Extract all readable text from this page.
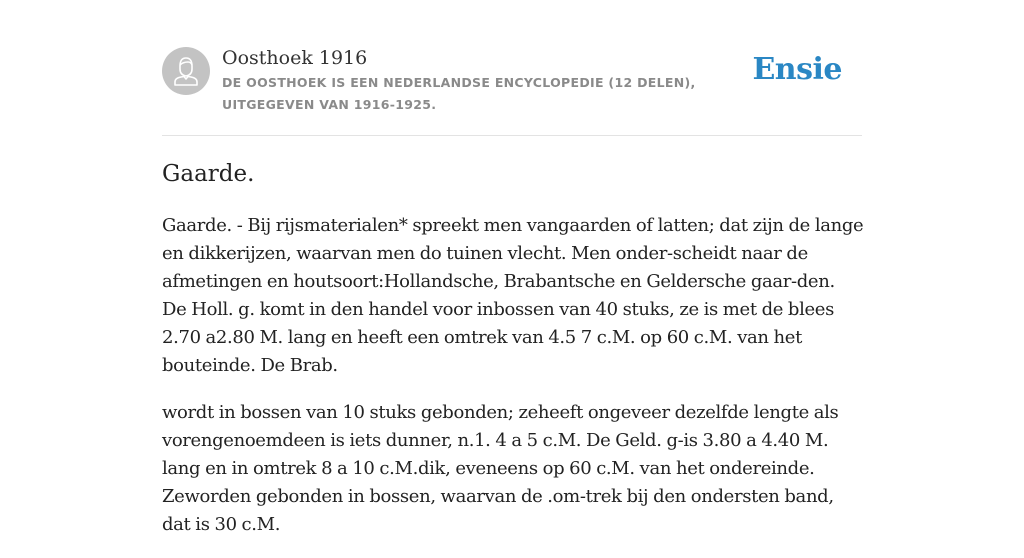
Oosthoek 1916
DE OOSTHOEK IS EEN NEDERLANDSE ENCYCLOPEDIE (12 DELEN), UITGEGEVEN VAN 1916-1925.
Ensie
Gaarde.

Gaarde. - Bij rijsmaterialen* spreekt men vangaarden of latten; dat zijn de lange en dikkerijzen, waarvan men do tuinen vlecht. Men onder-scheidt naar de afmetingen en houtsoort:Hollandsche, Brabantsche en Geldersche gaar-den. De Holl. g. komt in den handel voor inbossen van 40 stuks, ze is met de blees 2.70 a2.80 M. lang en heeft een omtrek van 4.5 7 c.M. op 60 c.M. van het bouteinde. De Brab.

wordt in bossen van 10 stuks gebonden; zeheeft ongeveer dezelfde lengte als vorengenoemdeen is iets dunner, n.1. 4 a 5 c.M. De Geld. g-is 3.80 a 4.40 M. lang en in omtrek 8 a 10 c.M.dik, eveneens op 60 c.M. van het ondereinde. Zeworden gebonden in bossen, waarvan de .om-trek bij den ondersten band, dat is 30 c.M.
